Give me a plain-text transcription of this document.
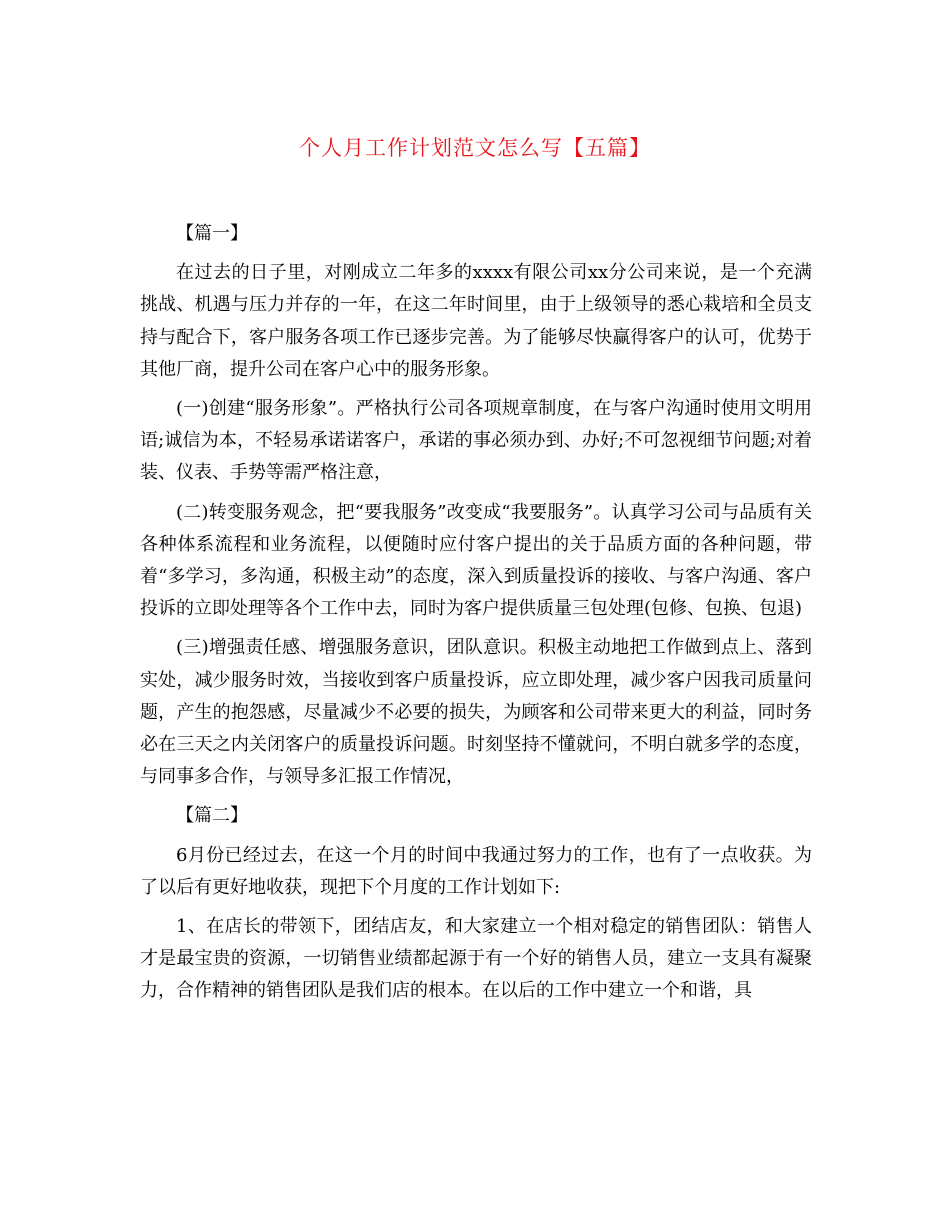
个人月工作计划范文怎么写【五篇】

【篇一】

在过去的日子里，对刚成立二年多的xxxx有限公司xx分公司来说，是一个充满挑战、机遇与压力并存的一年，在这二年时间里，由于上级领导的悉心栽培和全员支持与配合下，客户服务各项工作已逐步完善。为了能够尽快赢得客户的认可，优势于其他厂商，提升公司在客户心中的服务形象。

(一)创建“服务形象”。严格执行公司各项规章制度，在与客户沟通时使用文明用语;诚信为本，不轻易承诺诺客户，承诺的事必须办到、办好;不可忽视细节问题;对着装、仪表、手势等需严格注意，

(二)转变服务观念，把“要我服务”改变成“我要服务”。认真学习公司与品质有关各种体系流程和业务流程，以便随时应付客户提出的关于品质方面的各种问题，带着“多学习，多沟通，积极主动”的态度，深入到质量投诉的接收、与客户沟通、客户投诉的立即处理等各个工作中去，同时为客户提供质量三包处理(包修、包换、包退)

(三)增强责任感、增强服务意识，团队意识。积极主动地把工作做到点上、落到实处，减少服务时效，当接收到客户质量投诉，应立即处理，减少客户因我司质量问题，产生的抱怨感，尽量减少不必要的损失，为顾客和公司带来更大的利益，同时务必在三天之内关闭客户的质量投诉问题。时刻坚持不懂就问，不明白就多学的态度，与同事多合作，与领导多汇报工作情况，

【篇二】

6月份已经过去，在这一个月的时间中我通过努力的工作，也有了一点收获。为了以后有更好地收获，现把下个月度的工作计划如下:

1、在店长的带领下，团结店友，和大家建立一个相对稳定的销售团队：销售人才是最宝贵的资源，一切销售业绩都起源于有一个好的销售人员，建立一支具有凝聚力，合作精神的销售团队是我们店的根本。在以后的工作中建立一个和谐，具
